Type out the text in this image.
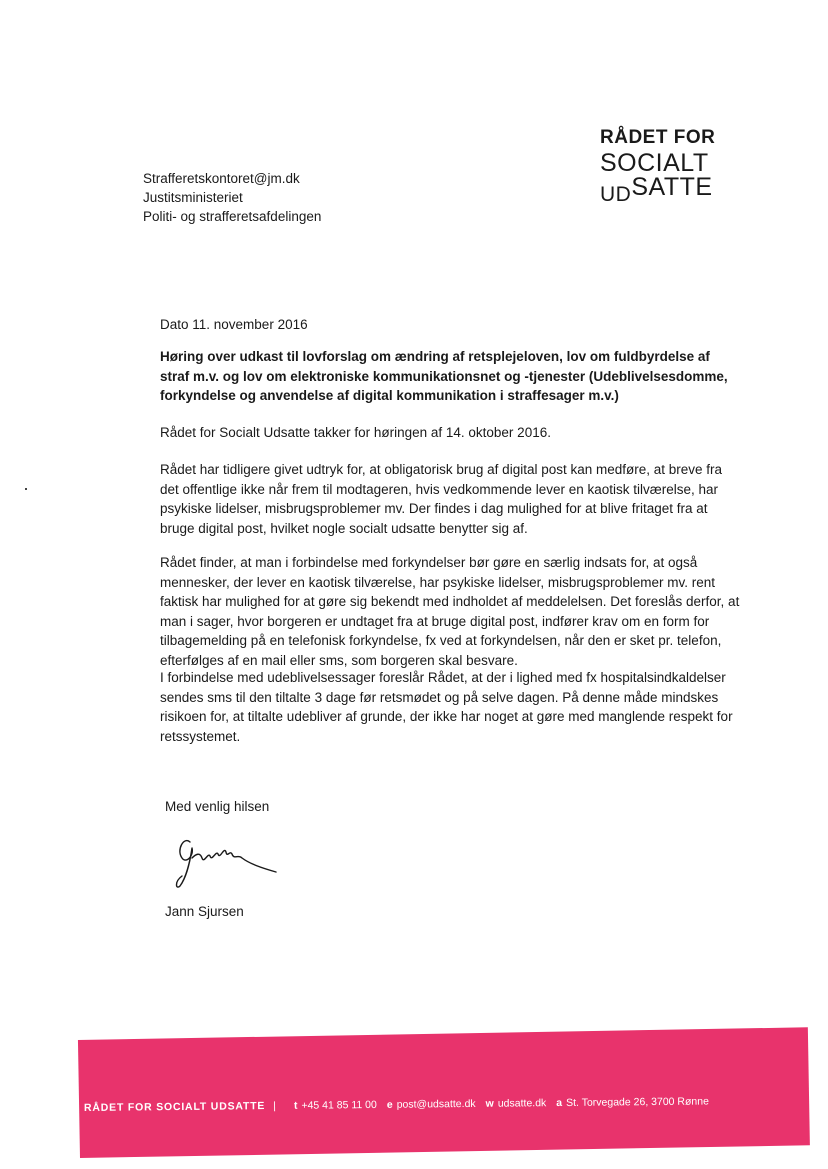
RÅDET FOR
SOCIALT
UDSATTE
Strafferetskontoret@jm.dk
Justitsministeriet
Politi- og strafferetsafdelingen
Dato 11. november 2016
Høring over udkast til lovforslag om ændring af retsplejeloven, lov om fuldbyrdelse af straf m.v. og lov om elektroniske kommunikationsnet og -tjenester (Udeblivelsesdomme, forkyndelse og anvendelse af digital kommunikation i straffesager m.v.)
Rådet for Socialt Udsatte takker for høringen af 14. oktober 2016.
Rådet har tidligere givet udtryk for, at obligatorisk brug af digital post kan medføre, at breve fra det offentlige ikke når frem til modtageren, hvis vedkommende lever en kaotisk tilværelse, har psykiske lidelser, misbrugsproblemer mv. Der findes i dag mulighed for at blive fritaget fra at bruge digital post, hvilket nogle socialt udsatte benytter sig af.
Rådet finder, at man i forbindelse med forkyndelser bør gøre en særlig indsats for, at også mennesker, der lever en kaotisk tilværelse, har psykiske lidelser, misbrugsproblemer mv. rent faktisk har mulighed for at gøre sig bekendt med indholdet af meddelelsen. Det foreslås derfor, at man i sager, hvor borgeren er undtaget fra at bruge digital post, indfører krav om en form for tilbagemelding på en telefonisk forkyndelse, fx ved at forkyndelsen, når den er sket pr. telefon, efterfølges af en mail eller sms, som borgeren skal besvare.
I forbindelse med udeblivelsessager foreslår Rådet, at der i lighed med fx hospitalsindkaldelser sendes sms til den tiltalte 3 dage før retsmødet og på selve dagen. På denne måde mindskes risikoen for, at tiltalte udebliver af grunde, der ikke har noget at gøre med manglende respekt for retssystemet.
Med venlig hilsen
Jann Sjursen
RÅDET FOR SOCIALT UDSATTE | t +45 41 85 11 00 e post@udsatte.dk w udsatte.dk a St. Torvegade 26, 3700 Rønne
